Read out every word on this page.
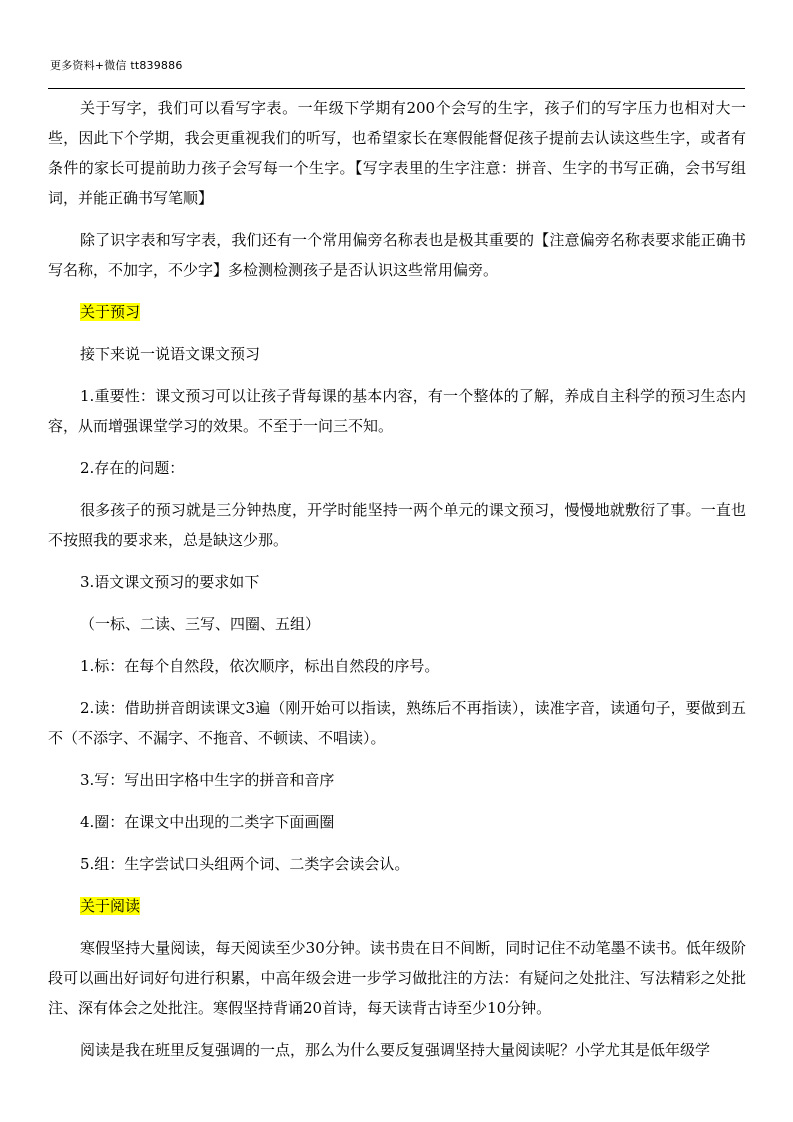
更多资料+微信 tt839886

关于写字，我们可以看写字表。一年级下学期有200个会写的生字，孩子们的写字压力也相对大一些，因此下个学期，我会更重视我们的听写，也希望家长在寒假能督促孩子提前去认读这些生字，或者有条件的家长可提前助力孩子会写每一个生字。【写字表里的生字注意：拼音、生字的书写正确，会书写组词，并能正确书写笔顺】

除了识字表和写字表，我们还有一个常用偏旁名称表也是极其重要的【注意偏旁名称表要求能正确书写名称，不加字，不少字】多检测检测孩子是否认识这些常用偏旁。

关于预习

接下来说一说语文课文预习

1.重要性：课文预习可以让孩子背每课的基本内容，有一个整体的了解，养成自主科学的预习生态内容，从而增强课堂学习的效果。不至于一问三不知。

2.存在的问题：

很多孩子的预习就是三分钟热度，开学时能坚持一两个单元的课文预习，慢慢地就敷衍了事。一直也不按照我的要求来，总是缺这少那。

3.语文课文预习的要求如下

（一标、二读、三写、四圈、五组）

1.标：在每个自然段，依次顺序，标出自然段的序号。

2.读：借助拼音朗读课文3遍（刚开始可以指读，熟练后不再指读），读准字音，读通句子，要做到五不（不添字、不漏字、不拖音、不顿读、不唱读）。

3.写：写出田字格中生字的拼音和音序

4.圈：在课文中出现的二类字下面画圈

5.组：生字尝试口头组两个词、二类字会读会认。

关于阅读

寒假坚持大量阅读，每天阅读至少30分钟。读书贵在日不间断，同时记住不动笔墨不读书。低年级阶段可以画出好词好句进行积累，中高年级会进一步学习做批注的方法：有疑问之处批注、写法精彩之处批注、深有体会之处批注。寒假坚持背诵20首诗，每天读背古诗至少10分钟。

阅读是我在班里反复强调的一点，那么为什么要反复强调坚持大量阅读呢？小学尤其是低年级学
